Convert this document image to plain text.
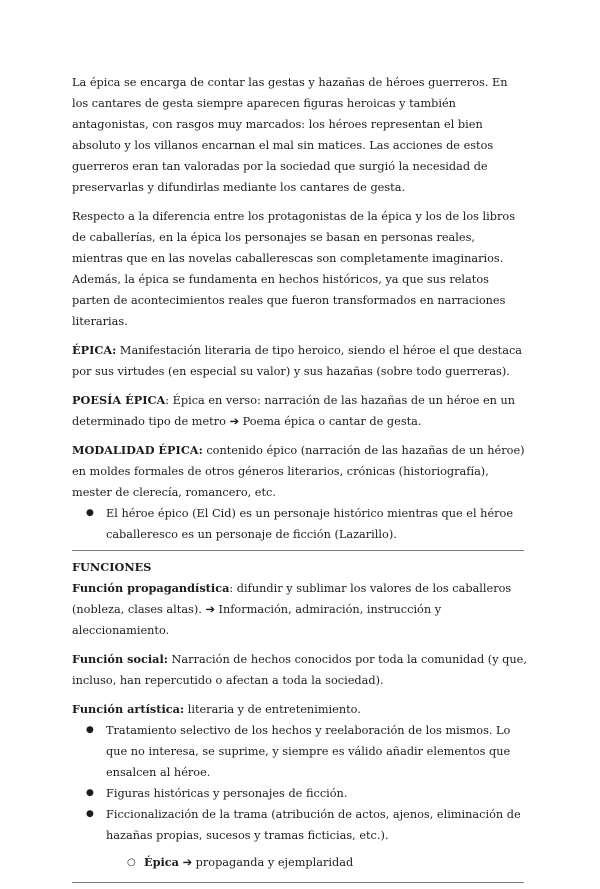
La épica se encarga de contar las gestas y hazañas de héroes guerreros. En los cantares de gesta siempre aparecen figuras heroicas y también antagonistas, con rasgos muy marcados: los héroes representan el bien absoluto y los villanos encarnan el mal sin matices. Las acciones de estos guerreros eran tan valoradas por la sociedad que surgió la necesidad de preservarlas y difundirlas mediante los cantares de gesta.

Respecto a la diferencia entre los protagonistas de la épica y los de los libros de caballerías, en la épica los personajes se basan en personas reales, mientras que en las novelas caballerescas son completamente imaginarios. Además, la épica se fundamenta en hechos históricos, ya que sus relatos parten de acontecimientos reales que fueron transformados en narraciones literarias.

ÉPICA: Manifestación literaria de tipo heroico, siendo el héroe el que destaca por sus virtudes (en especial su valor) y sus hazañas (sobre todo guerreras).

POESÍA ÉPICA: Épica en verso: narración de las hazañas de un héroe en un determinado tipo de metro ➔ Poema épica o cantar de gesta.

MODALIDAD ÉPICA: contenido épico (narración de las hazañas de un héroe) en moldes formales de otros géneros literarios, crónicas (historiografía), mester de clerecía, romancero, etc.

● El héroe épico (El Cid) es un personaje histórico mientras que el héroe caballeresco es un personaje de ficción (Lazarillo).

FUNCIONES

Función propagandística: difundir y sublimar los valores de los caballeros (nobleza, clases altas). ➔ Información, admiración, instrucción y aleccionamiento.

Función social: Narración de hechos conocidos por toda la comunidad (y que, incluso, han repercutido o afectan a toda la sociedad).

Función artística: literaria y de entretenimiento.

● Tratamiento selectivo de los hechos y reelaboración de los mismos. Lo que no interesa, se suprime, y siempre es válido añadir elementos que ensalcen al héroe.
● Figuras históricas y personajes de ficción.
● Ficcionalización de la trama (atribución de actos, ajenos, eliminación de hazañas propias, sucesos y tramas ficticias, etc.).
○ Épica ➔ propaganda y ejemplaridad
